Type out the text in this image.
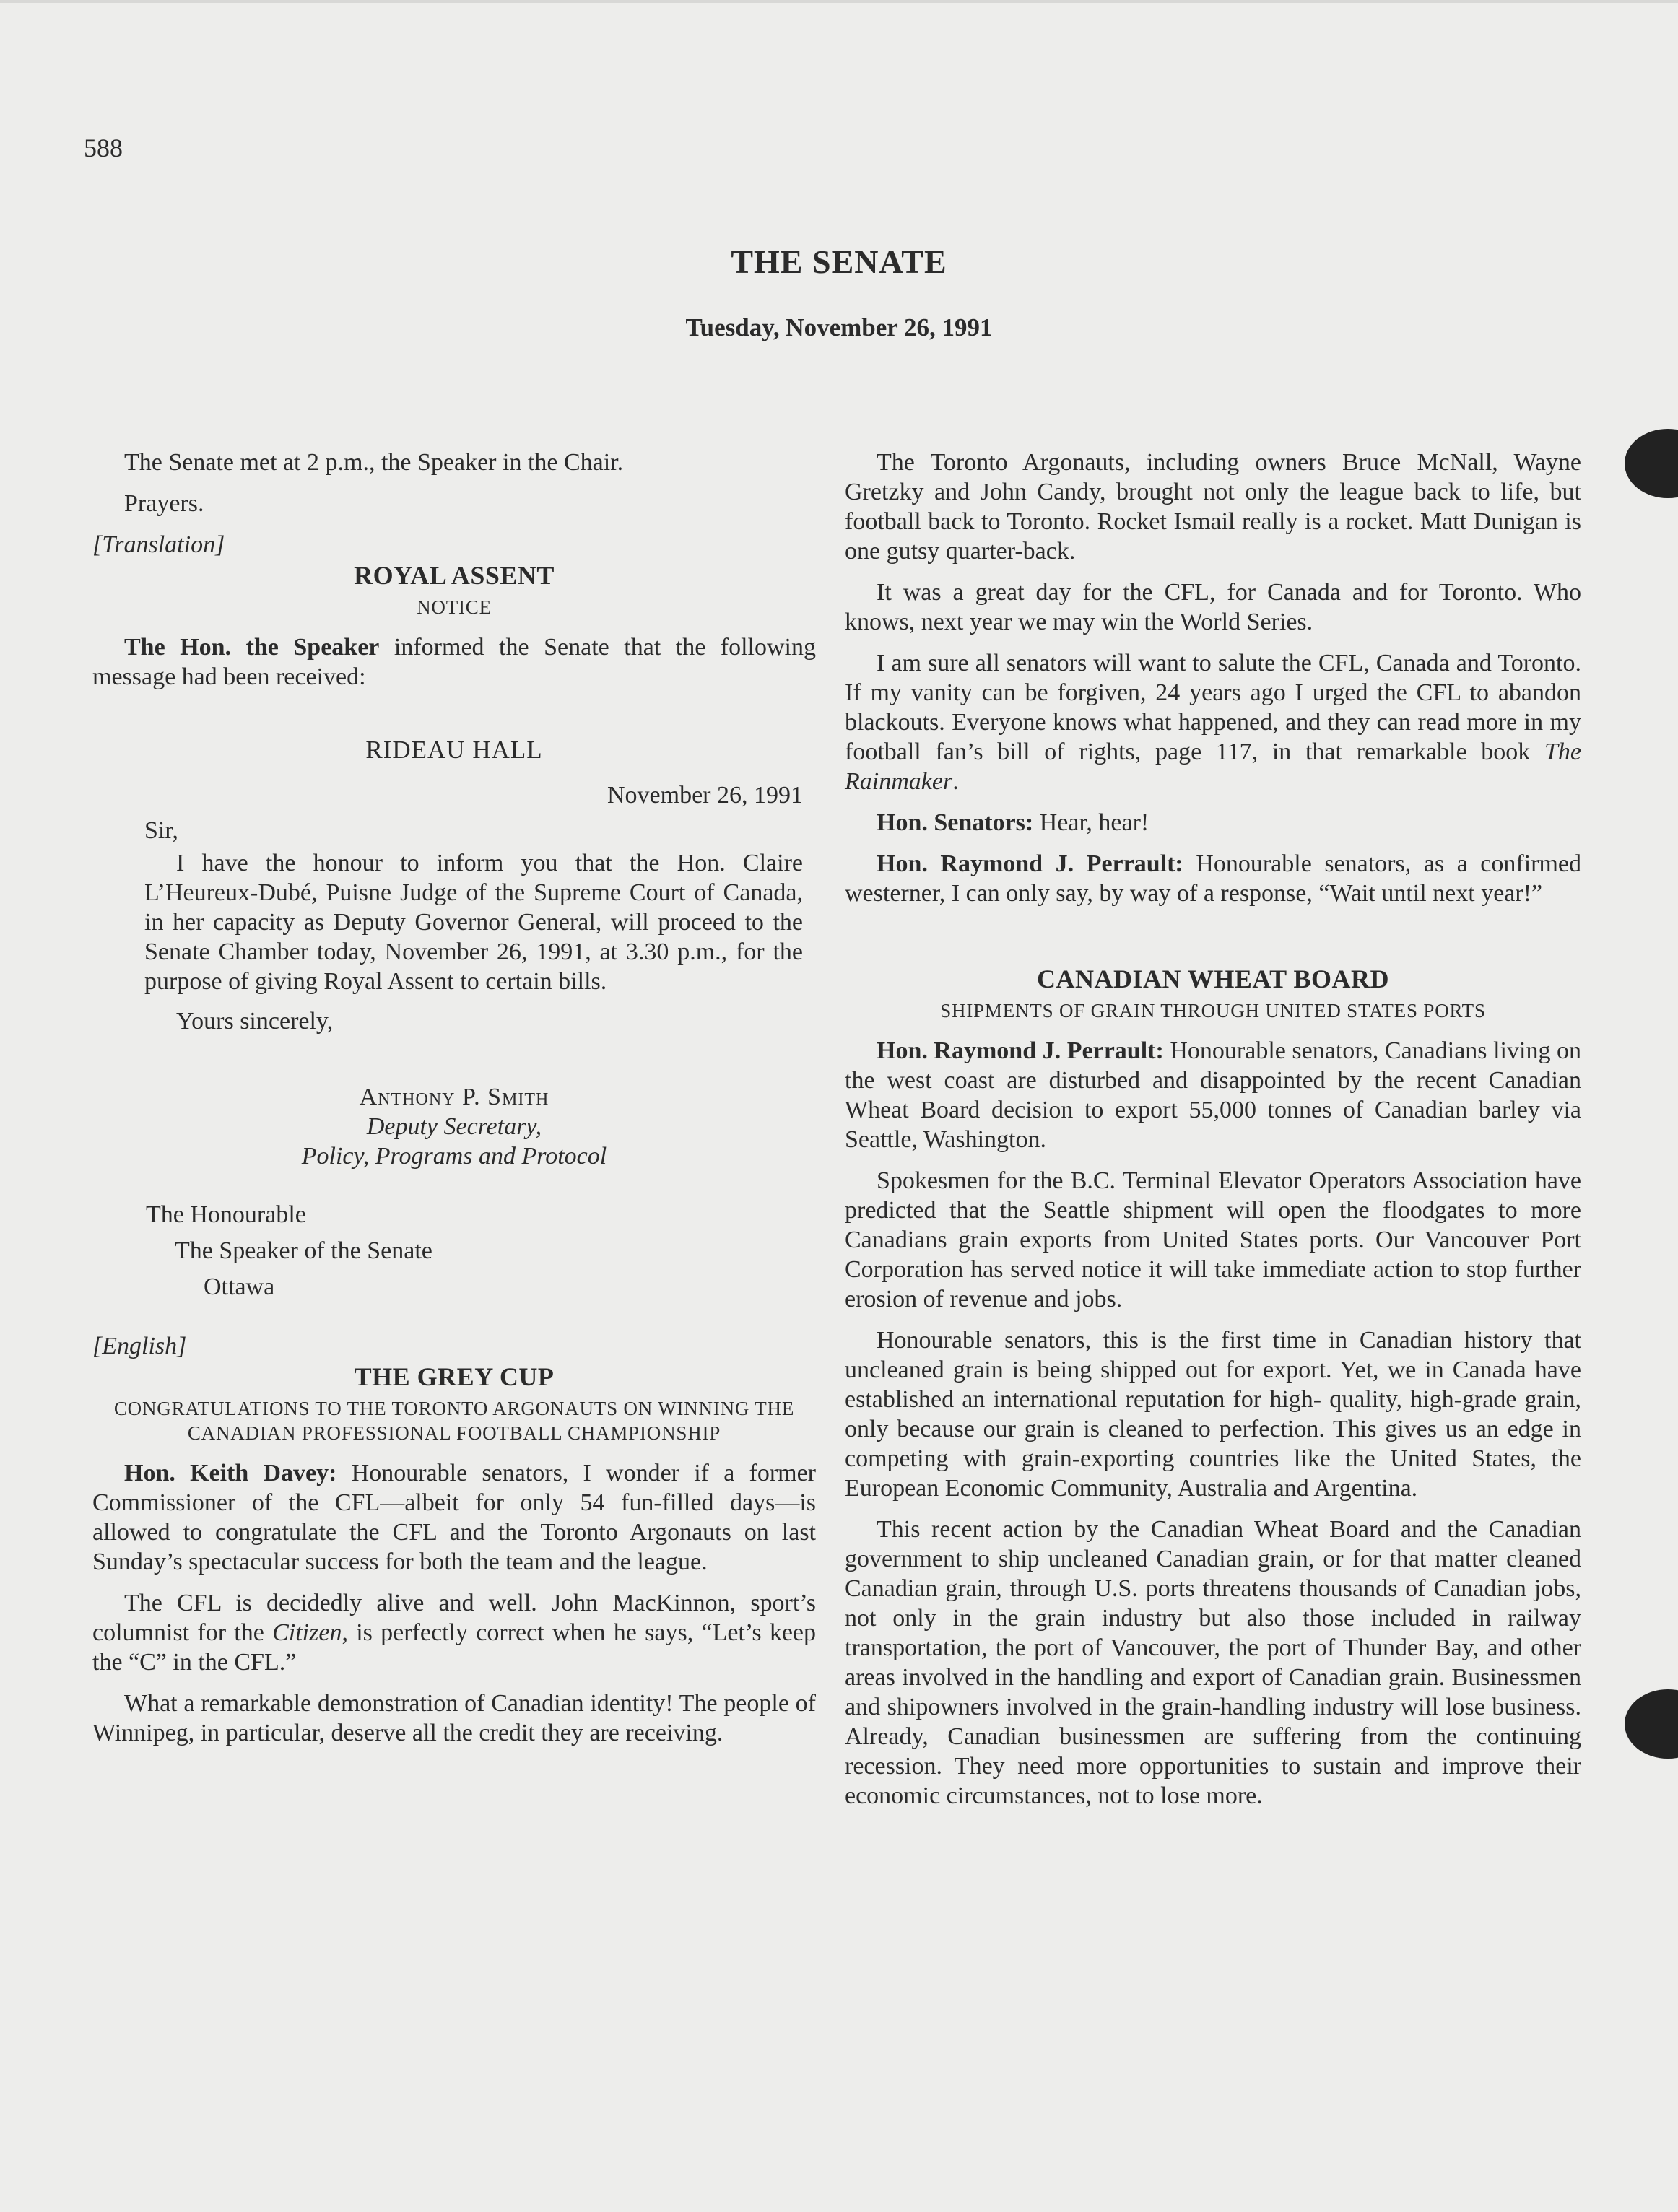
588
THE SENATE
Tuesday, November 26, 1991

The Senate met at 2 p.m., the Speaker in the Chair.

Prayers.

[Translation]
ROYAL ASSENT
NOTICE

The Hon. the Speaker informed the Senate that the following message had been received:

RIDEAU HALL
November 26, 1991

Sir,

I have the honour to inform you that the Hon. Claire L’Heureux-Dubé, Puisne Judge of the Supreme Court of Canada, in her capacity as Deputy Governor General, will proceed to the Senate Chamber today, November 26, 1991, at 3.30 p.m., for the purpose of giving Royal Assent to certain bills.

Yours sincerely,

Anthony P. Smith
Deputy Secretary,
Policy, Programs and Protocol
The Honourable
The Speaker of the Senate
Ottawa
[English]
THE GREY CUP
CONGRATULATIONS TO THE TORONTO ARGONAUTS ON WINNING THE CANADIAN PROFESSIONAL FOOTBALL CHAMPIONSHIP

Hon. Keith Davey: Honourable senators, I wonder if a former Commissioner of the CFL—albeit for only 54 fun-filled days—is allowed to congratulate the CFL and the Toronto Argonauts on last Sunday’s spectacular success for both the team and the league.

The CFL is decidedly alive and well. John MacKinnon, sport’s columnist for the Citizen, is perfectly correct when he says, “Let’s keep the “C” in the CFL.”

What a remarkable demonstration of Canadian identity! The people of Winnipeg, in particular, deserve all the credit they are receiving.

The Toronto Argonauts, including owners Bruce McNall, Wayne Gretzky and John Candy, brought not only the league back to life, but football back to Toronto. Rocket Ismail really is a rocket. Matt Dunigan is one gutsy quarter-back.

It was a great day for the CFL, for Canada and for Toronto. Who knows, next year we may win the World Series.

I am sure all senators will want to salute the CFL, Canada and Toronto. If my vanity can be forgiven, 24 years ago I urged the CFL to abandon blackouts. Everyone knows what happened, and they can read more in my football fan’s bill of rights, page 117, in that remarkable book The Rainmaker.

Hon. Senators: Hear, hear!

Hon. Raymond J. Perrault: Honourable senators, as a confirmed westerner, I can only say, by way of a response, “Wait until next year!”

CANADIAN WHEAT BOARD
SHIPMENTS OF GRAIN THROUGH UNITED STATES PORTS

Hon. Raymond J. Perrault: Honourable senators, Canadians living on the west coast are disturbed and disappointed by the recent Canadian Wheat Board decision to export 55,000 tonnes of Canadian barley via Seattle, Washington.

Spokesmen for the B.C. Terminal Elevator Operators Association have predicted that the Seattle shipment will open the floodgates to more Canadians grain exports from United States ports. Our Vancouver Port Corporation has served notice it will take immediate action to stop further erosion of revenue and jobs.

Honourable senators, this is the first time in Canadian history that uncleaned grain is being shipped out for export. Yet, we in Canada have established an international reputation for high- quality, high-grade grain, only because our grain is cleaned to perfection. This gives us an edge in competing with grain-exporting countries like the United States, the European Economic Community, Australia and Argentina.

This recent action by the Canadian Wheat Board and the Canadian government to ship uncleaned Canadian grain, or for that matter cleaned Canadian grain, through U.S. ports threatens thousands of Canadian jobs, not only in the grain industry but also those included in railway transportation, the port of Vancouver, the port of Thunder Bay, and other areas involved in the handling and export of Canadian grain. Businessmen and shipowners involved in the grain-handling industry will lose business. Already, Canadian businessmen are suffering from the continuing recession. They need more opportunities to sustain and improve their economic circumstances, not to lose more.
